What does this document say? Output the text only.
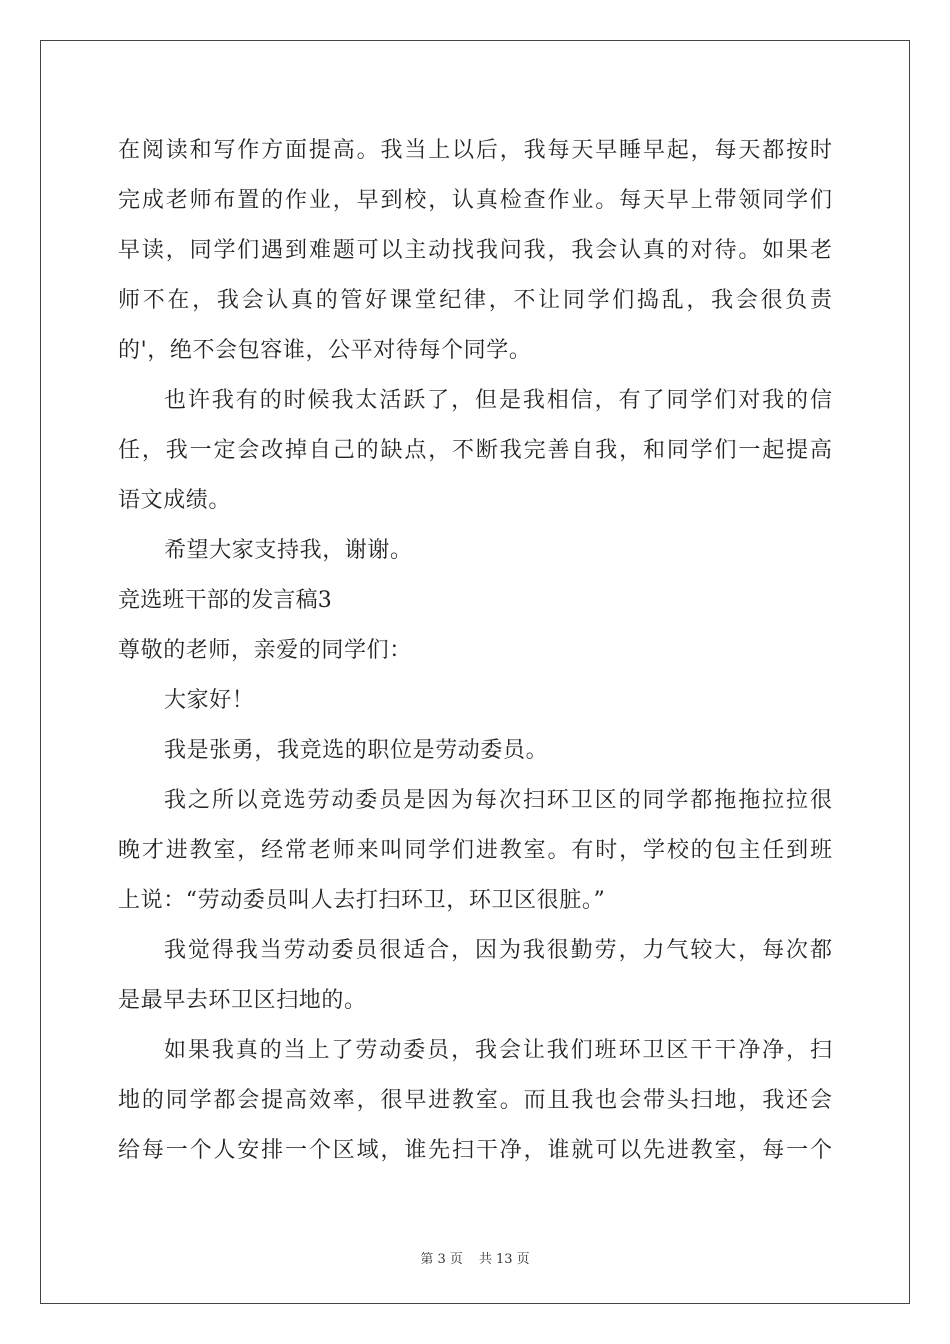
在阅读和写作方面提高。我当上以后，我每天早睡早起，每天都按时
完成老师布置的作业，早到校，认真检查作业。每天早上带领同学们
早读，同学们遇到难题可以主动找我问我，我会认真的对待。如果老
师不在，我会认真的管好课堂纪律，不让同学们捣乱，我会很负责
的'，绝不会包容谁，公平对待每个同学。
也许我有的时候我太活跃了，但是我相信，有了同学们对我的信
任，我一定会改掉自己的缺点，不断我完善自我，和同学们一起提高
语文成绩。
希望大家支持我，谢谢。
竞选班干部的发言稿3
尊敬的老师，亲爱的同学们：
大家好！
我是张勇，我竞选的职位是劳动委员。
我之所以竞选劳动委员是因为每次扫环卫区的同学都拖拖拉拉很
晚才进教室，经常老师来叫同学们进教室。有时，学校的包主任到班
上说：“劳动委员叫人去打扫环卫，环卫区很脏。”
我觉得我当劳动委员很适合，因为我很勤劳，力气较大，每次都
是最早去环卫区扫地的。
如果我真的当上了劳动委员，我会让我们班环卫区干干净净，扫
地的同学都会提高效率，很早进教室。而且我也会带头扫地，我还会
给每一个人安排一个区域，谁先扫干净，谁就可以先进教室，每一个
第 3 页 共 13 页
